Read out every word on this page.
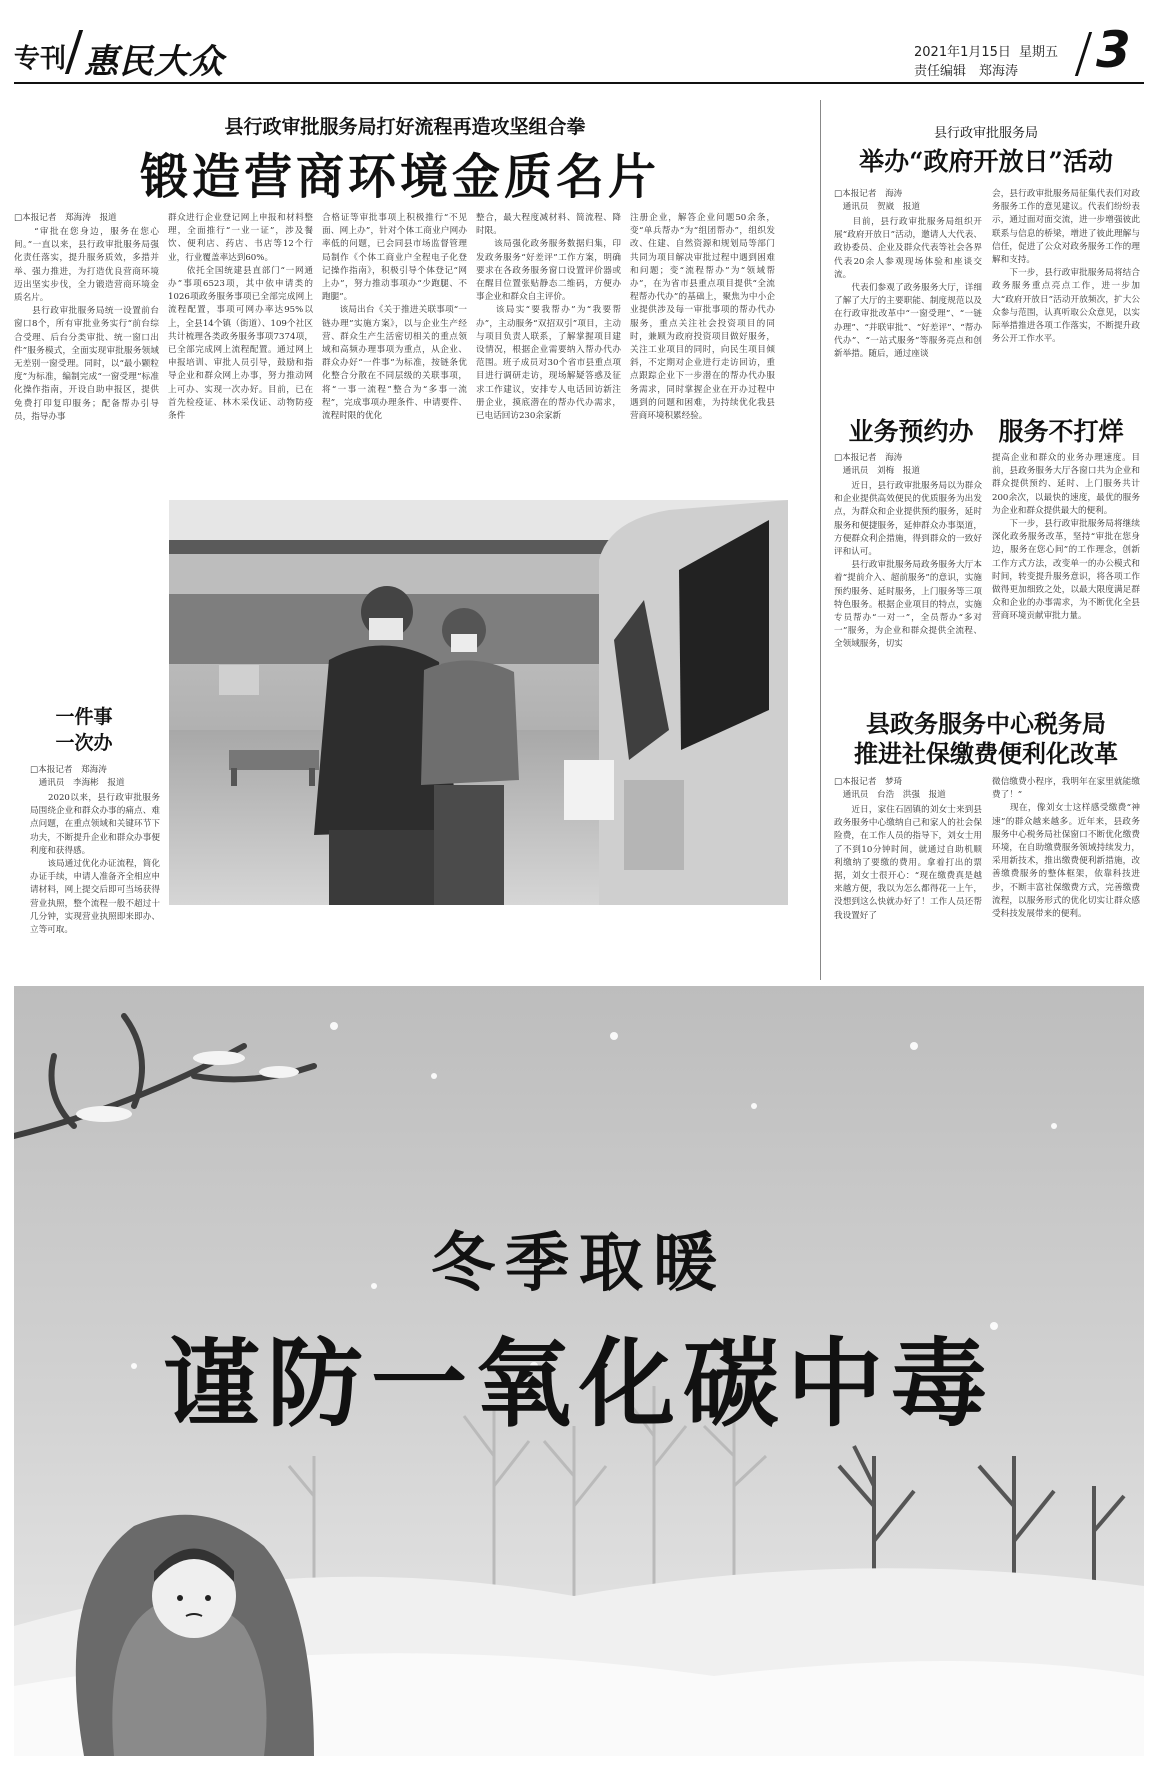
专刊 惠民大众	2021年1月15日 星期五
责任编辑　郑海涛 3
县行政审批服务局打好流程再造攻坚组合拳
锻造营商环境金质名片
□本报记者　郑海涛　报道
　　“审批在您身边，服务在您心间。”一直以来，县行政审批服务局强化责任落实，提升服务质效，多措并举、强力推进，为打造优良营商环境迈出坚实步伐，全力锻造营商环境金质名片。
　　县行政审批服务局统一设置前台窗口8个，所有审批业务实行“前台综合受理、后台分类审批、统一窗口出件”服务模式，全面实现审批服务领域无差别一窗受理。同时，以“最小颗粒度”为标准，编制完成“一窗受理”标准化操作指南，开设自助申报区，提供免费打印复印服务；配备帮办引导员，指导办事
群众进行企业登记网上申报和材料整理，全面推行“一业一证”，涉及餐饮、便利店、药店、书店等12个行业，行业覆盖率达到60%。
　　依托全国统建县直部门“一网通办”事项6523项，其中依申请类的1026项政务服务事项已全部完成网上流程配置，事项可网办率达95%以上，全县14个镇（街道）、109个社区共计梳理各类政务服务事项7374项，已全部完成网上流程配置。通过网上申报培训、审批人员引导，鼓励和指导企业和群众网上办事，努力推动网上可办、实现一次办好。目前，已在首先检疫证、林木采伐证、动物防疫条件
合格证等审批事项上积极推行“不见面、网上办”，针对个体工商业户网办率低的问题，已会同县市场监督管理局制作《个体工商业户全程电子化登记操作指南》，积极引导个体登记“网上办”，努力推动事项办“少跑腿、不跑腿”。
　　该局出台《关于推进关联事项“一链办理”实施方案》，以与企业生产经营、群众生产生活密切相关的重点领域和高频办理事项为重点，从企业、群众办好“一件事”为标准，按链条优化整合分散在不同层级的关联事项，将“一事一流程”整合为“多事一流程”，完成事项办理条件、申请要件、流程时限的优化
整合，最大程度减材料、简流程、降时限。
　　该局强化政务服务数据归集，印发政务服务“好差评”工作方案，明确要求在各政务服务窗口设置评价器或在醒目位置张贴静态二维码，方便办事企业和群众自主评价。
　　该局实“要我帮办”为“我要帮办”，主动服务“双招双引”项目，主动与项目负责人联系，了解掌握项目建设情况，根据企业需要纳入帮办代办范围。班子成员对30个省市县重点项目进行调研走访，现场解疑答惑及征求工作建议，安排专人电话回访新注册企业，摸底潜在的帮办代办需求，已电话回访230余家新
注册企业，解答企业问题50余条，变“单兵帮办”为“组团帮办”，组织发改、住建、自然资源和规划局等部门共同为项目解决审批过程中遇到困难和问题；变“流程帮办”为“领域帮办”，在为省市县重点项目提供“全流程帮办代办”的基础上，聚焦为中小企业提供涉及每一审批事项的帮办代办服务，重点关注社会投资项目的同时，兼顾为政府投资项目做好服务，关注工业项目的同时，向民生项目倾斜，不定期对企业进行走访回访，重点跟踪企业下一步潜在的帮办代办服务需求，同时掌握企业在开办过程中遇到的问题和困难，为持续优化我县营商环境积累经验。
县行政审批服务局
举办“政府开放日”活动
□本报记者　海涛
　通讯员　贺崴　报道
　　目前，县行政审批服务局组织开展“政府开放日”活动，邀请人大代表、政协委员、企业及群众代表等社会各界代表20余人参观现场体验和座谈交流。
　　代表们参观了政务服务大厅，详细了解了大厅的主要职能、制度规范以及在行政审批改革中“一窗受理”、“一链办理”、“并联审批”、“好差评”、“帮办代办”、“一站式服务”等服务亮点和创新举措。随后，通过座谈
会，县行政审批服务局征集代表们对政务服务工作的意见建议。代表们纷纷表示，通过面对面交流，进一步增强彼此联系与信息的桥梁，增进了彼此理解与信任，促进了公众对政务服务工作的理解和支持。
　　下一步，县行政审批服务局将结合政务服务重点亮点工作，进一步加大“政府开放日”活动开放频次，扩大公众参与范围，认真听取公众意见，以实际举措推进各项工作落实，不断提升政务公开工作水平。
业务预约办　服务不打烊
□本报记者　海涛
　通讯员　刘梅　报道
　　近日，县行政审批服务局以为群众和企业提供高效便民的优质服务为出发点，为群众和企业提供预约服务，延时服务和便捷服务，延伸群众办事渠道，方便群众利企措施，得到群众的一致好评和认可。
　　县行政审批服务局政务服务大厅本着“提前介入、超前服务”的意识，实施预约服务、延时服务，上门服务等三项特色服务。根据企业项目的特点，实施专员帮办“一对一”，全员帮办“多对一”服务，为企业和群众提供全流程、全领域服务，切实
提高企业和群众的业务办理速度。目前，县政务服务大厅各窗口共为企业和群众提供预约、延时、上门服务共计200余次，以最快的速度，最优的服务为企业和群众提供最大的便利。
　　下一步，县行政审批服务局将继续深化政务服务改革，坚持“审批在您身边，服务在您心间”的工作理念，创新工作方式方法，改变单一的办公模式和时间，转变提升服务意识，将各项工作做得更加细致之处，以最大限度满足群众和企业的办事需求，为不断优化全县营商环境贡献审批力量。
县政务服务中心税务局
推进社保缴费便利化改革
□本报记者　梦琦
　通讯员　台浩　洪强　报道
　　近日，家住石固镇的刘女士来到县政务服务中心缴纳自己和家人的社会保险费，在工作人员的指导下，刘女士用了不到10分钟时间，就通过自助机顺利缴纳了要缴的费用。拿着打出的票据，刘女士很开心：“现在缴费真是越来越方便，我以为怎么都得花一上午，没想到这么快就办好了！工作人员还帮我设置好了
微信缴费小程序，我明年在家里就能缴费了！”
　　现在，像刘女士这样感受缴费“神速”的群众越来越多。近年来，县政务服务中心税务局社保窗口不断优化缴费环境，在自助缴费服务领域持续发力，采用新技术，推出缴费便利新措施，改善缴费服务的整体框架，依靠科技进步，不断丰富社保缴费方式，完善缴费流程，以服务形式的优化切实让群众感受科技发展带来的便利。
一件事
一次办
□本报记者　郑海涛
　通讯员　李海彬　报道
　　2020以来，县行政审批服务局围绕企业和群众办事的痛点、难点问题，在重点领域和关键环节下功夫，不断提升企业和群众办事便利度和获得感。
　　该局通过优化办证流程，简化办证手续，申请人准备齐全相应申请材料，网上提交后即可当场获得营业执照，整个流程一般不超过十几分钟，实现营业执照即来即办、立等可取。
冬季取暖
谨防一氧化碳中毒
